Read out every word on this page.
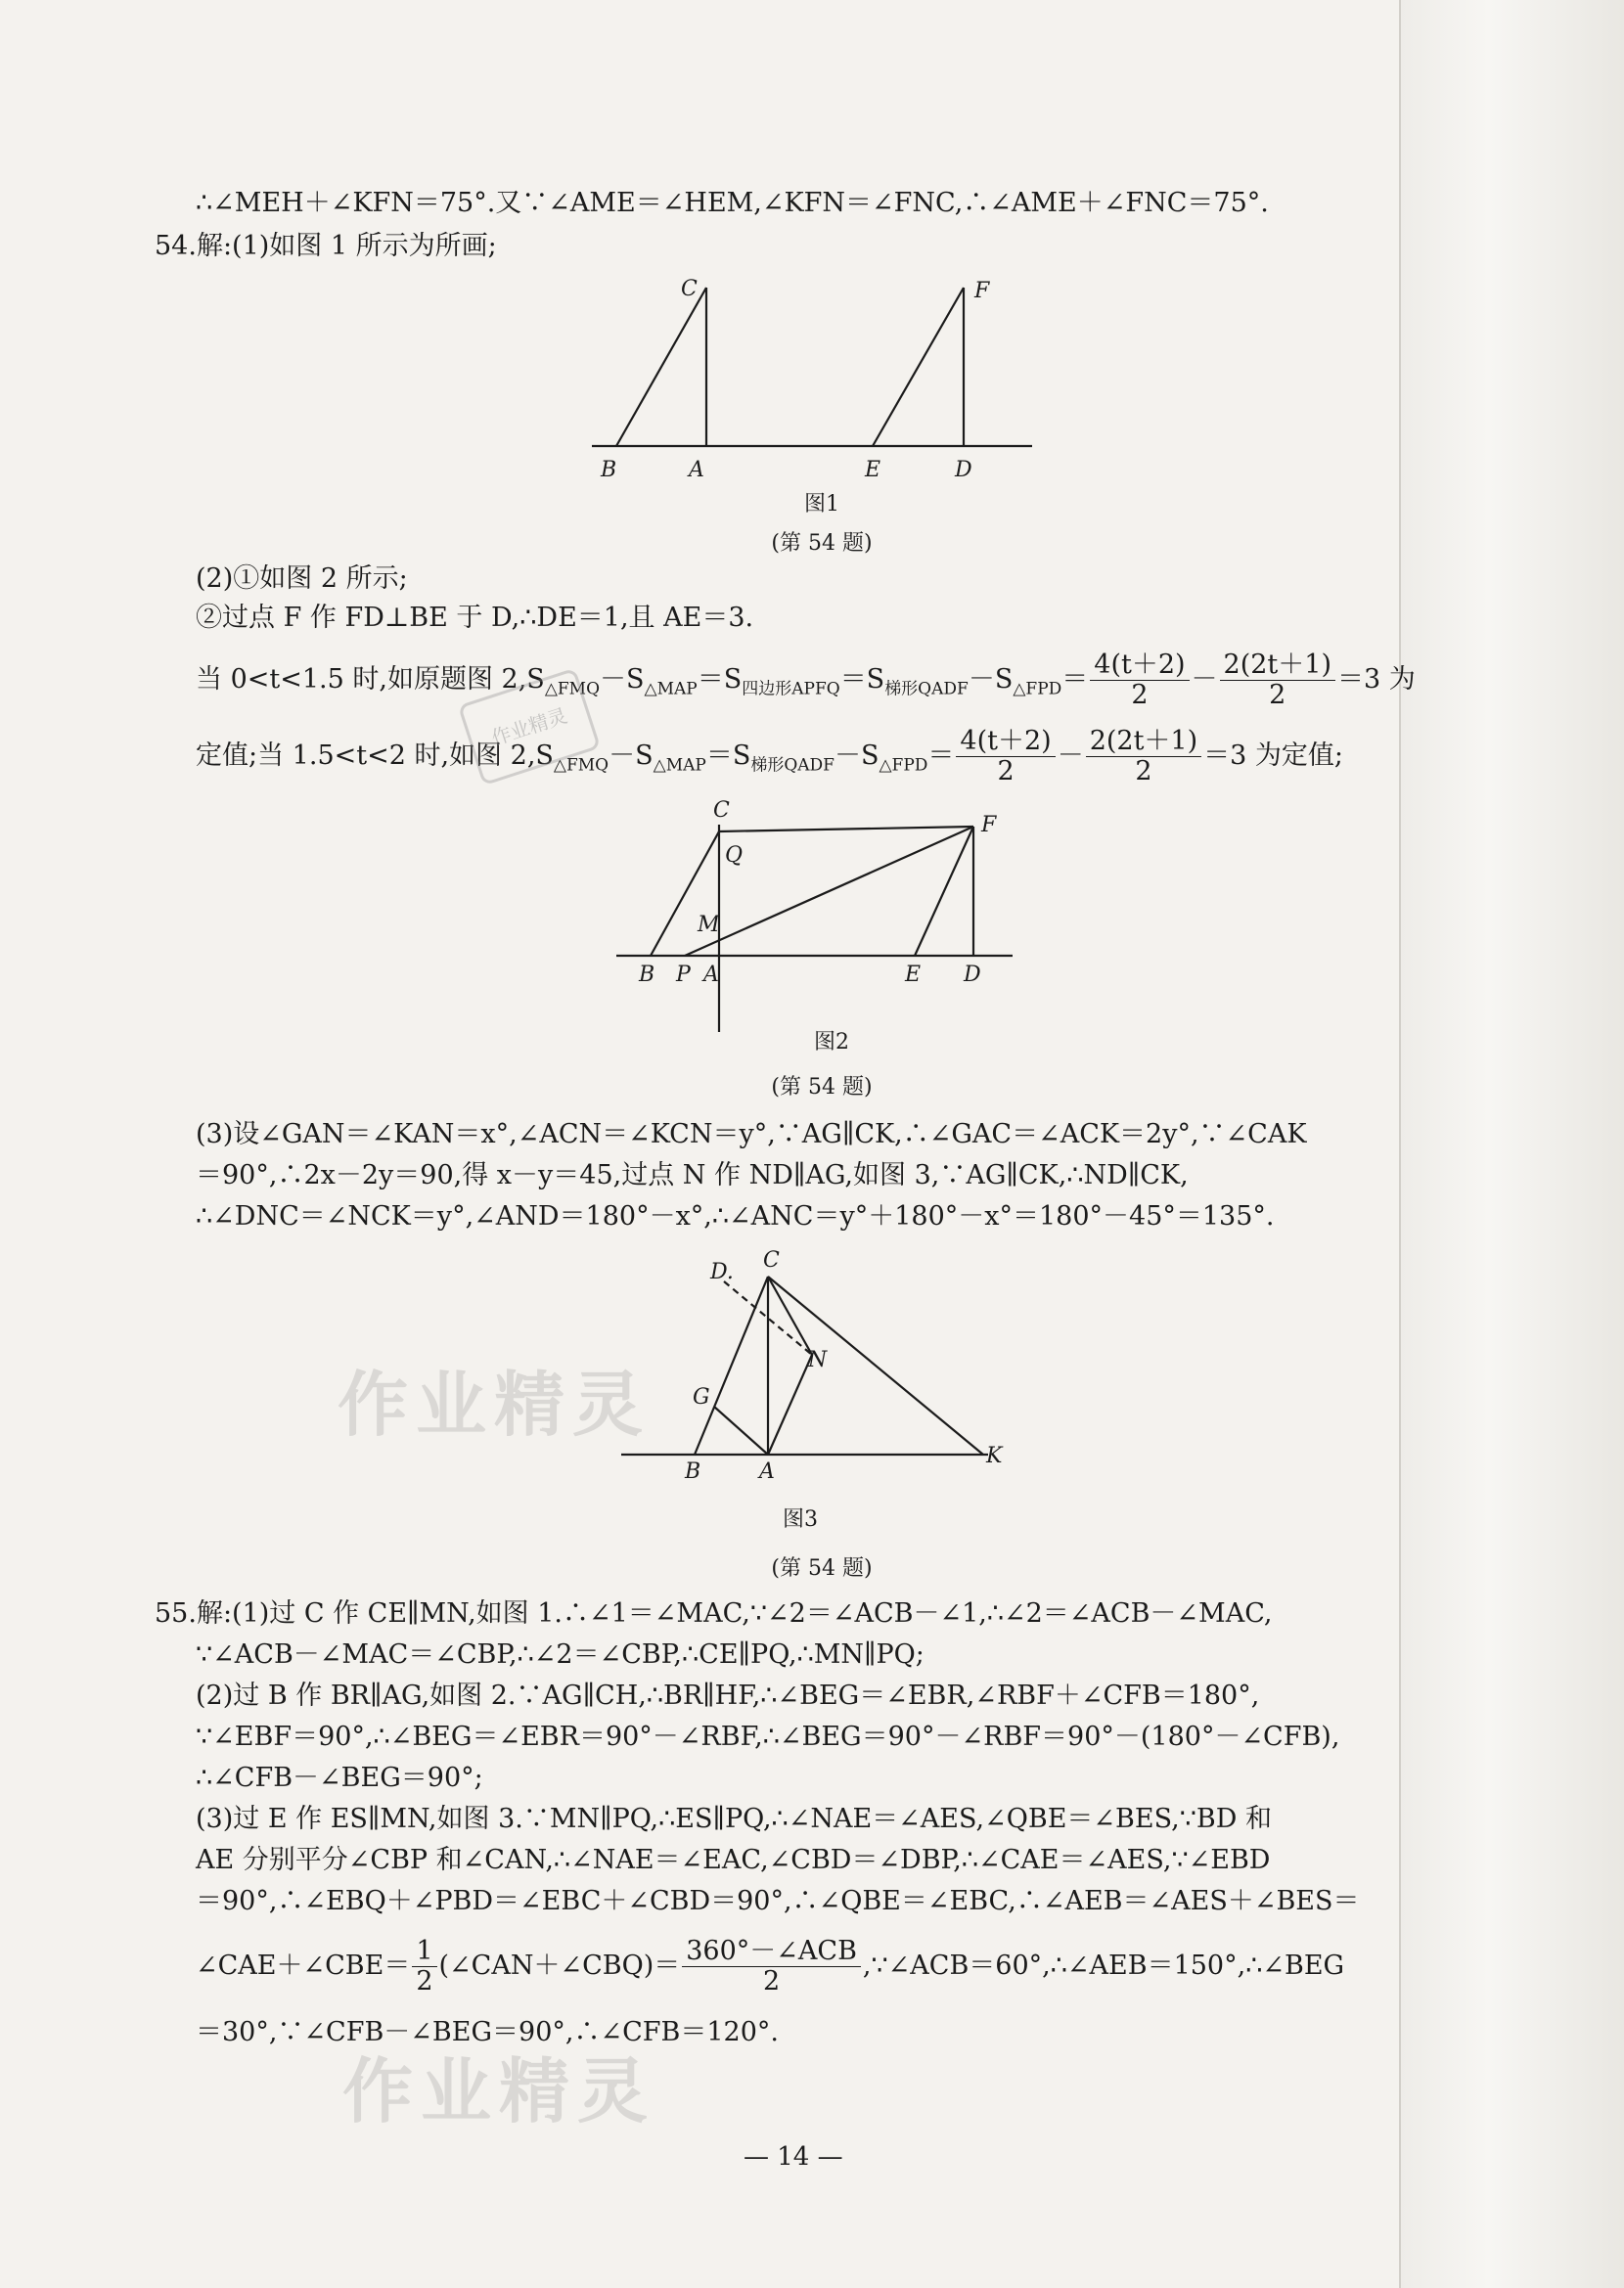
∴∠MEH＋∠KFN＝75°.又∵∠AME＝∠HEM,∠KFN＝∠FNC,∴∠AME＋∠FNC＝75°.
54.解:(1)如图 1 所示为所画;
C	F
B	A	E	D
图1
(第 54 题)
(2)①如图 2 所示;
②过点 F 作 FD⊥BE 于 D,∴DE＝1,且 AE＝3.
当 0<t<1.5 时,如原题图 $2,S_{\triangle FMQ}-S_{\triangle MAP}=S_{四边形APFQ}=S_{梯形QADF}-S_{\triangle FPD}= \frac{4(t+2)}{2} - \frac{2(2t+1)}{2} =3$ 为
定值;当 1.5<t<2 时,如图 $2,S_{\triangle FMQ}-S_{\triangle MAP}=S_{梯形QADF}-S_{\triangle FPD}= \frac{4(t+2)}{2} - \frac{2(2t+1)}{2} =3$ 为定值;
作业精灵
C
F
Q
M
B P A	E D
图2
(第 54 题)
(3)设∠GAN＝∠KAN＝x°,∠ACN＝∠KCN＝y°,∵AG∥CK,∴∠GAC＝∠ACK＝2y°,∵∠CAK
＝90°,∴2x－2y＝90,得 x－y＝45,过点 N 作 ND∥AG,如图 3,∵AG∥CK,∴ND∥CK,
∴∠DNC＝∠NCK＝y°,∠AND＝180°－x°,∴∠ANC＝y°＋180°－x°＝180°－45°＝135°.
C
D.
N
G
B	A
K
图3
(第 54 题)
作业精灵
55.解:(1)过 C 作 CE∥MN,如图 1.∴∠1＝∠MAC,∵∠2＝∠ACB－∠1,∴∠2＝∠ACB－∠MAC,
∵∠ACB－∠MAC＝∠CBP,∴∠2＝∠CBP,∴CE∥PQ,∴MN∥PQ;
(2)过 B 作 BR∥AG,如图 2.∵AG∥CH,∴BR∥HF,∴∠BEG＝∠EBR,∠RBF＋∠CFB＝180°,
∵∠EBF＝90°,∴∠BEG＝∠EBR＝90°－∠RBF,∴∠BEG＝90°－∠RBF＝90°－(180°－∠CFB),
∴∠CFB－∠BEG＝90°;
(3)过 E 作 ES∥MN,如图 3.∵MN∥PQ,∴ES∥PQ,∴∠NAE＝∠AES,∠QBE＝∠BES,∵BD 和
AE 分别平分∠CBP 和∠CAN,∴∠NAE＝∠EAC,∠CBD＝∠DBP,∴∠CAE＝∠AES,∵∠EBD
＝90°,∴∠EBQ＋∠PBD＝∠EBC＋∠CBD＝90°,∴∠QBE＝∠EBC,∴∠AEB＝∠AES＋∠BES＝
∠CAE＋∠CBE＝ $\frac{1}{2}$ (∠CAN＋∠CBQ)＝ $\frac{\text{360°－∠ACB}}{2}$ ,∵∠ACB＝60°,∴∠AEB＝150°,∴∠BEG
＝30°,∵∠CFB－∠BEG＝90°,∴∠CFB＝120°.
作业精灵
— 14 —
